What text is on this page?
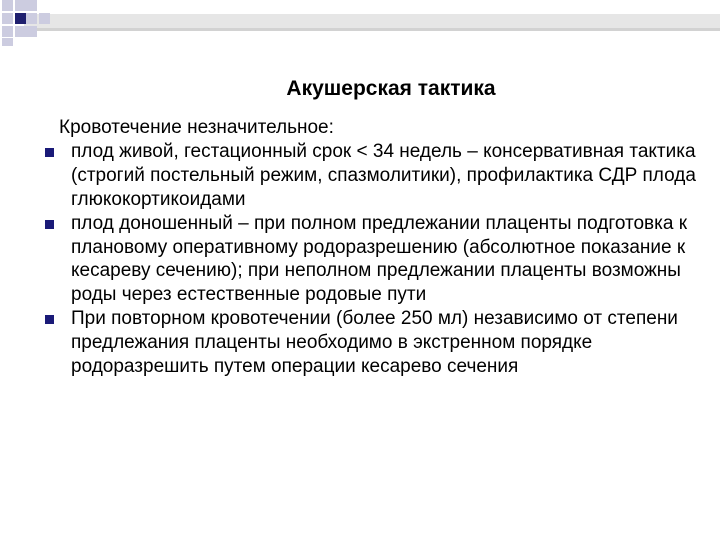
Акушерская тактика

Кровотечение незначительное:

плод живой, гестационный срок < 34 недель – консервативная тактика (строгий постельный режим, спазмолитики), профилактика СДР плода глюкокортикоидами
плод доношенный – при полном предлежании плаценты подготовка к плановому оперативному родоразрешению (абсолютное показание к кесареву сечению); при неполном предлежании плаценты возможны роды через естественные родовые пути
При повторном кровотечении (более 250 мл) независимо от степени предлежания плаценты необходимо в экстренном порядке родоразрешить путем операции кесарево сечения
